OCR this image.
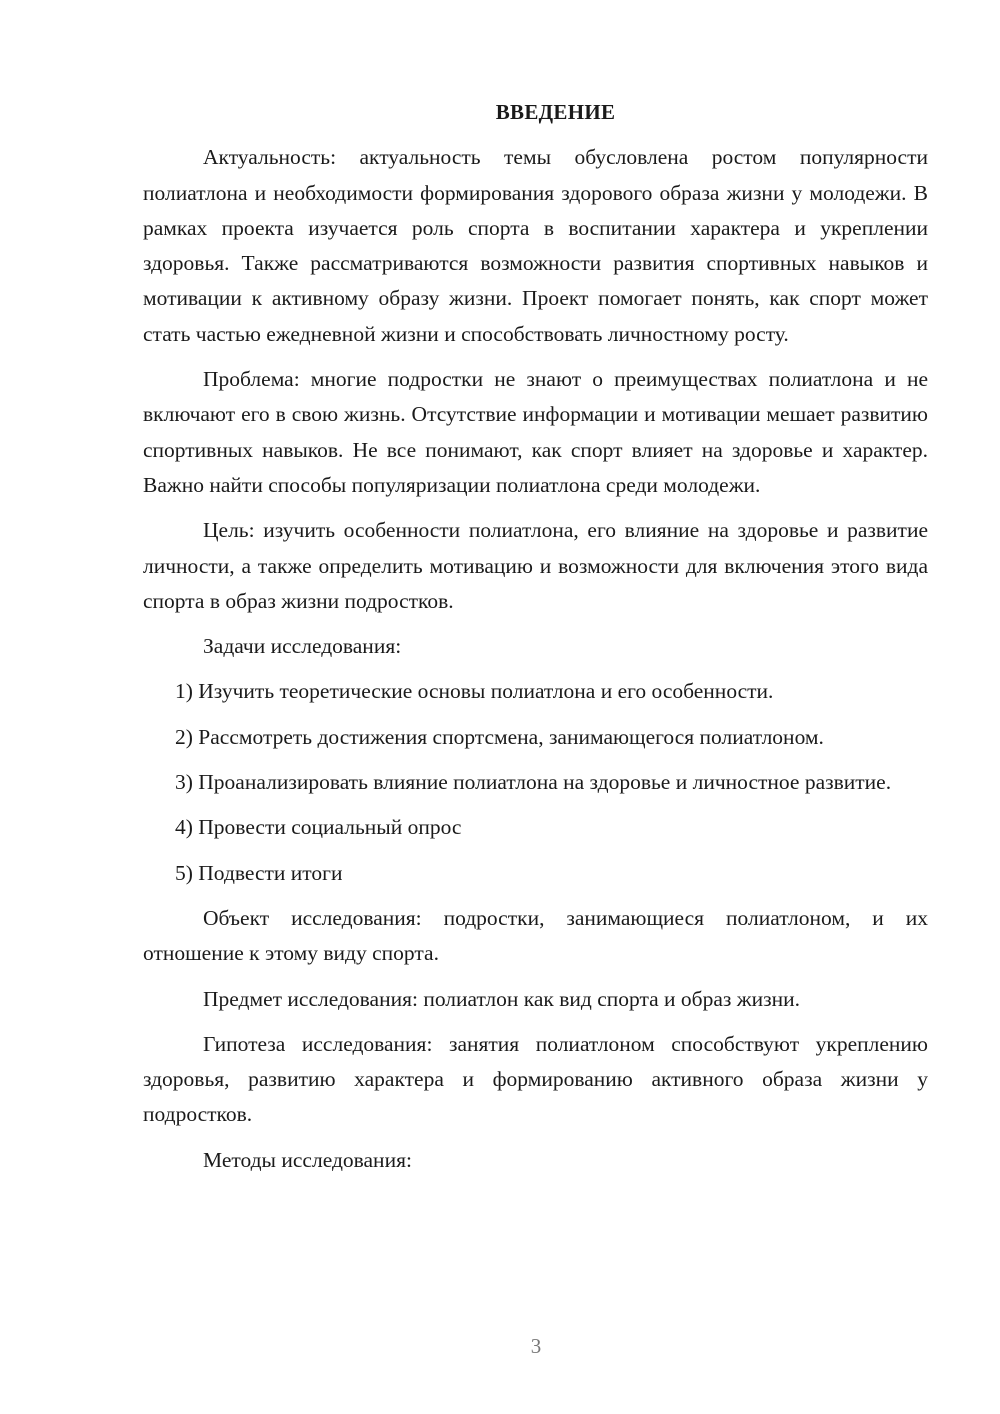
ВВЕДЕНИЕ

Актуальность: актуальность темы обусловлена ростом популярности полиатлона и необходимости формирования здорового образа жизни у молодежи. В рамках проекта изучается роль спорта в воспитании характера и укреплении здоровья. Также рассматриваются возможности развития спортивных навыков и мотивации к активному образу жизни. Проект помогает понять, как спорт может стать частью ежедневной жизни и способствовать личностному росту.

Проблема: многие подростки не знают о преимуществах полиатлона и не включают его в свою жизнь. Отсутствие информации и мотивации мешает развитию спортивных навыков. Не все понимают, как спорт влияет на здоровье и характер. Важно найти способы популяризации полиатлона среди молодежи.

Цель: изучить особенности полиатлона, его влияние на здоровье и развитие личности, а также определить мотивацию и возможности для включения этого вида спорта в образ жизни подростков.

Задачи исследования:

1) Изучить теоретические основы полиатлона и его особенности.

2) Рассмотреть достижения спортсмена, занимающегося полиатлоном.

3) Проанализировать влияние полиатлона на здоровье и личностное развитие.

4) Провести социальный опрос

5) Подвести итоги

Объект исследования: подростки, занимающиеся полиатлоном, и их отношение к этому виду спорта.

Предмет исследования: полиатлон как вид спорта и образ жизни.

Гипотеза исследования: занятия полиатлоном способствуют укреплению здоровья, развитию характера и формированию активного образа жизни у подростков.

Методы исследования:

3
